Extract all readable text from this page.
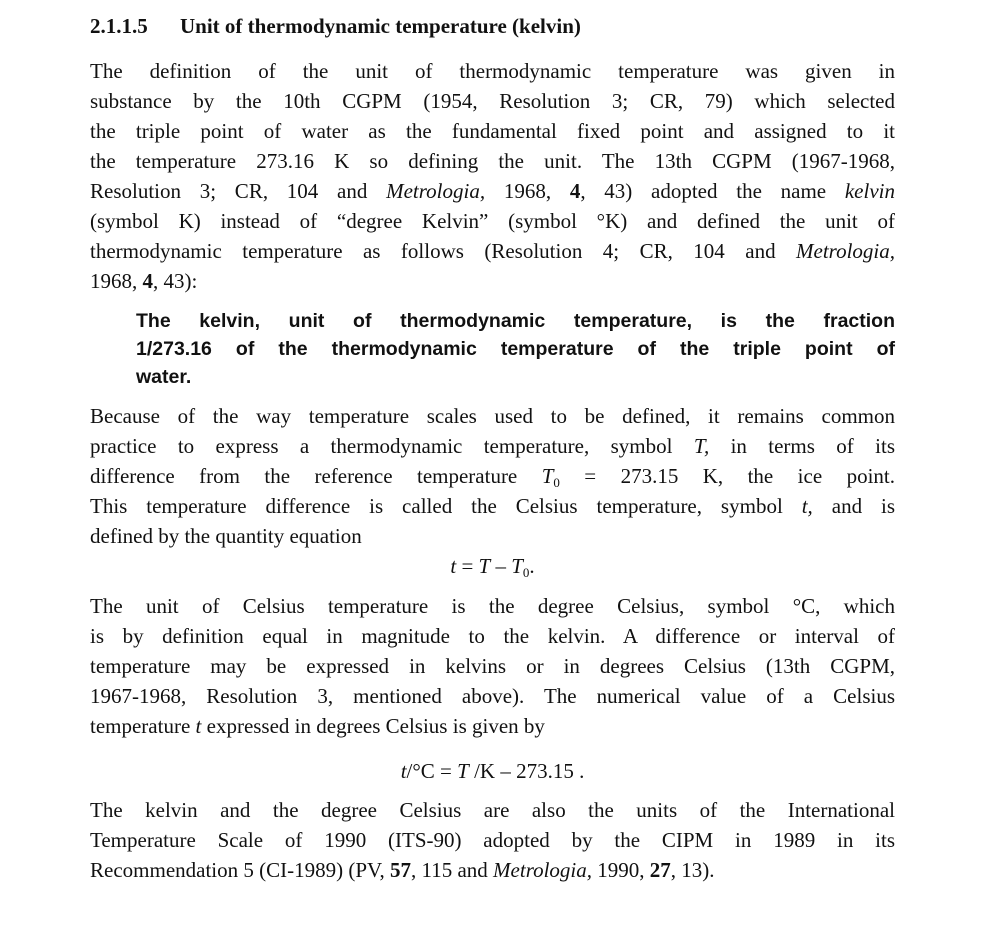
2.1.1.5 Unit of thermodynamic temperature (kelvin)
The definition of the unit of thermodynamic temperature was given in
substance by the 10th CGPM (1954, Resolution 3; CR, 79) which selected
the triple point of water as the fundamental fixed point and assigned to it
the temperature 273.16 K so defining the unit. The 13th CGPM (1967-1968,
Resolution 3; CR, 104 and Metrologia, 1968, 4, 43) adopted the name kelvin
(symbol K) instead of “degree Kelvin” (symbol °K) and defined the unit of
thermodynamic temperature as follows (Resolution 4; CR, 104 and Metrologia,
1968, 4, 43):
The kelvin, unit of thermodynamic temperature, is the fraction
1/273.16 of the thermodynamic temperature of the triple point of
water.
Because of the way temperature scales used to be defined, it remains common
practice to express a thermodynamic temperature, symbol T, in terms of its
difference from the reference temperature $T_0 = 273.15$ K, the ice point.
This temperature difference is called the Celsius temperature, symbol t, and is
defined by the quantity equation
$t = T - T_0$.
The unit of Celsius temperature is the degree Celsius, symbol °C, which
is by definition equal in magnitude to the kelvin. A difference or interval of
temperature may be expressed in kelvins or in degrees Celsius (13th CGPM,
1967-1968, Resolution 3, mentioned above). The numerical value of a Celsius
temperature t expressed in degrees Celsius is given by
t/°C = T /K – 273.15 .
The kelvin and the degree Celsius are also the units of the International
Temperature Scale of 1990 (ITS-90) adopted by the CIPM in 1989 in its
Recommendation 5 (CI-1989) (PV, 57, 115 and Metrologia, 1990, 27, 13).
